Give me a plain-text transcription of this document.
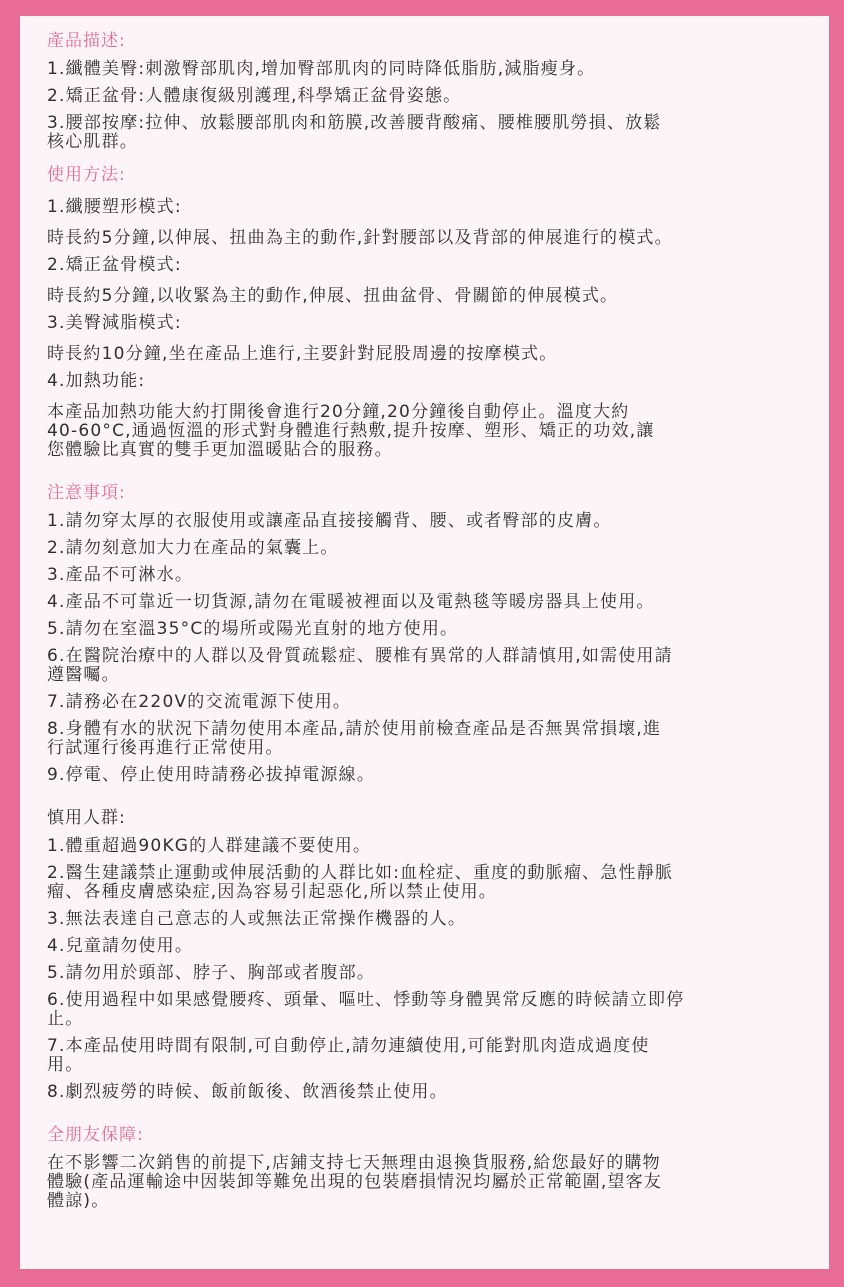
產品描述:
1.纖體美臀:刺激臀部肌肉,增加臀部肌肉的同時降低脂肪,減脂瘦身。
2.矯正盆骨:人體康復級別護理,科學矯正盆骨姿態。
3.腰部按摩:拉伸、放鬆腰部肌肉和筋膜,改善腰背酸痛、腰椎腰肌勞損、放鬆
核心肌群。
使用方法:
1.纖腰塑形模式:
時長約5分鐘,以伸展、扭曲為主的動作,針對腰部以及背部的伸展進行的模式。
2.矯正盆骨模式:
時長約5分鐘,以收緊為主的動作,伸展、扭曲盆骨、骨關節的伸展模式。
3.美臀減脂模式:
時長約10分鐘,坐在產品上進行,主要針對屁股周邊的按摩模式。
4.加熱功能:
本產品加熱功能大約打開後會進行20分鐘,20分鐘後自動停止。溫度大約
40-60°C,通過恆溫的形式對身體進行熱敷,提升按摩、塑形、矯正的功效,讓
您體驗比真實的雙手更加溫暖貼合的服務。
注意事項:
1.請勿穿太厚的衣服使用或讓產品直接接觸背、腰、或者臀部的皮膚。
2.請勿刻意加大力在產品的氣囊上。
3.產品不可淋水。
4.產品不可靠近一切貨源,請勿在電暖被裡面以及電熱毯等暖房器具上使用。
5.請勿在室溫35°C的場所或陽光直射的地方使用。
6.在醫院治療中的人群以及骨質疏鬆症、腰椎有異常的人群請慎用,如需使用請
遵醫囑。
7.請務必在220V的交流電源下使用。
8.身體有水的狀況下請勿使用本產品,請於使用前檢查產品是否無異常損壞,進
行試運行後再進行正常使用。
9.停電、停止使用時請務必拔掉電源線。
慎用人群:
1.體重超過90KG的人群建議不要使用。
2.醫生建議禁止運動或伸展活動的人群比如:血栓症、重度的動脈瘤、急性靜脈
瘤、各種皮膚感染症,因為容易引起惡化,所以禁止使用。
3.無法表達自己意志的人或無法正常操作機器的人。
4.兒童請勿使用。
5.請勿用於頭部、脖子、胸部或者腹部。
6.使用過程中如果感覺腰疼、頭暈、嘔吐、悸動等身體異常反應的時候請立即停
止。
7.本產品使用時間有限制,可自動停止,請勿連續使用,可能對肌肉造成過度使
用。
8.劇烈疲勞的時候、飯前飯後、飲酒後禁止使用。
全朋友保障:
在不影響二次銷售的前提下,店鋪支持七天無理由退換貨服務,給您最好的購物
體驗(產品運輸途中因裝卸等難免出現的包裝磨損情況均屬於正常範圍,望客友
體諒)。
